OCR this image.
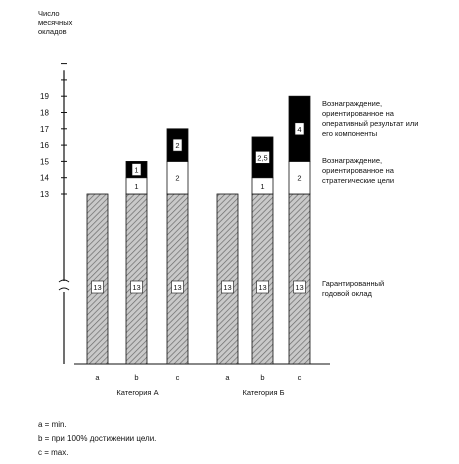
Число
месячных
окладов
13
14
15
16
17
18
19
13	13
1
1
13
2
2
13	13
1
2,5
13
2
4
a	b	c	a	b	c
Категория А	Категория Б
Гарантированный
годовой оклад
Вознаграждение,
ориентированное на
стратегические цели
Вознаграждение,
ориентированное на
оперативный результат или
его компоненты
a = min.
b = при 100% достижении цели.
c = max.
